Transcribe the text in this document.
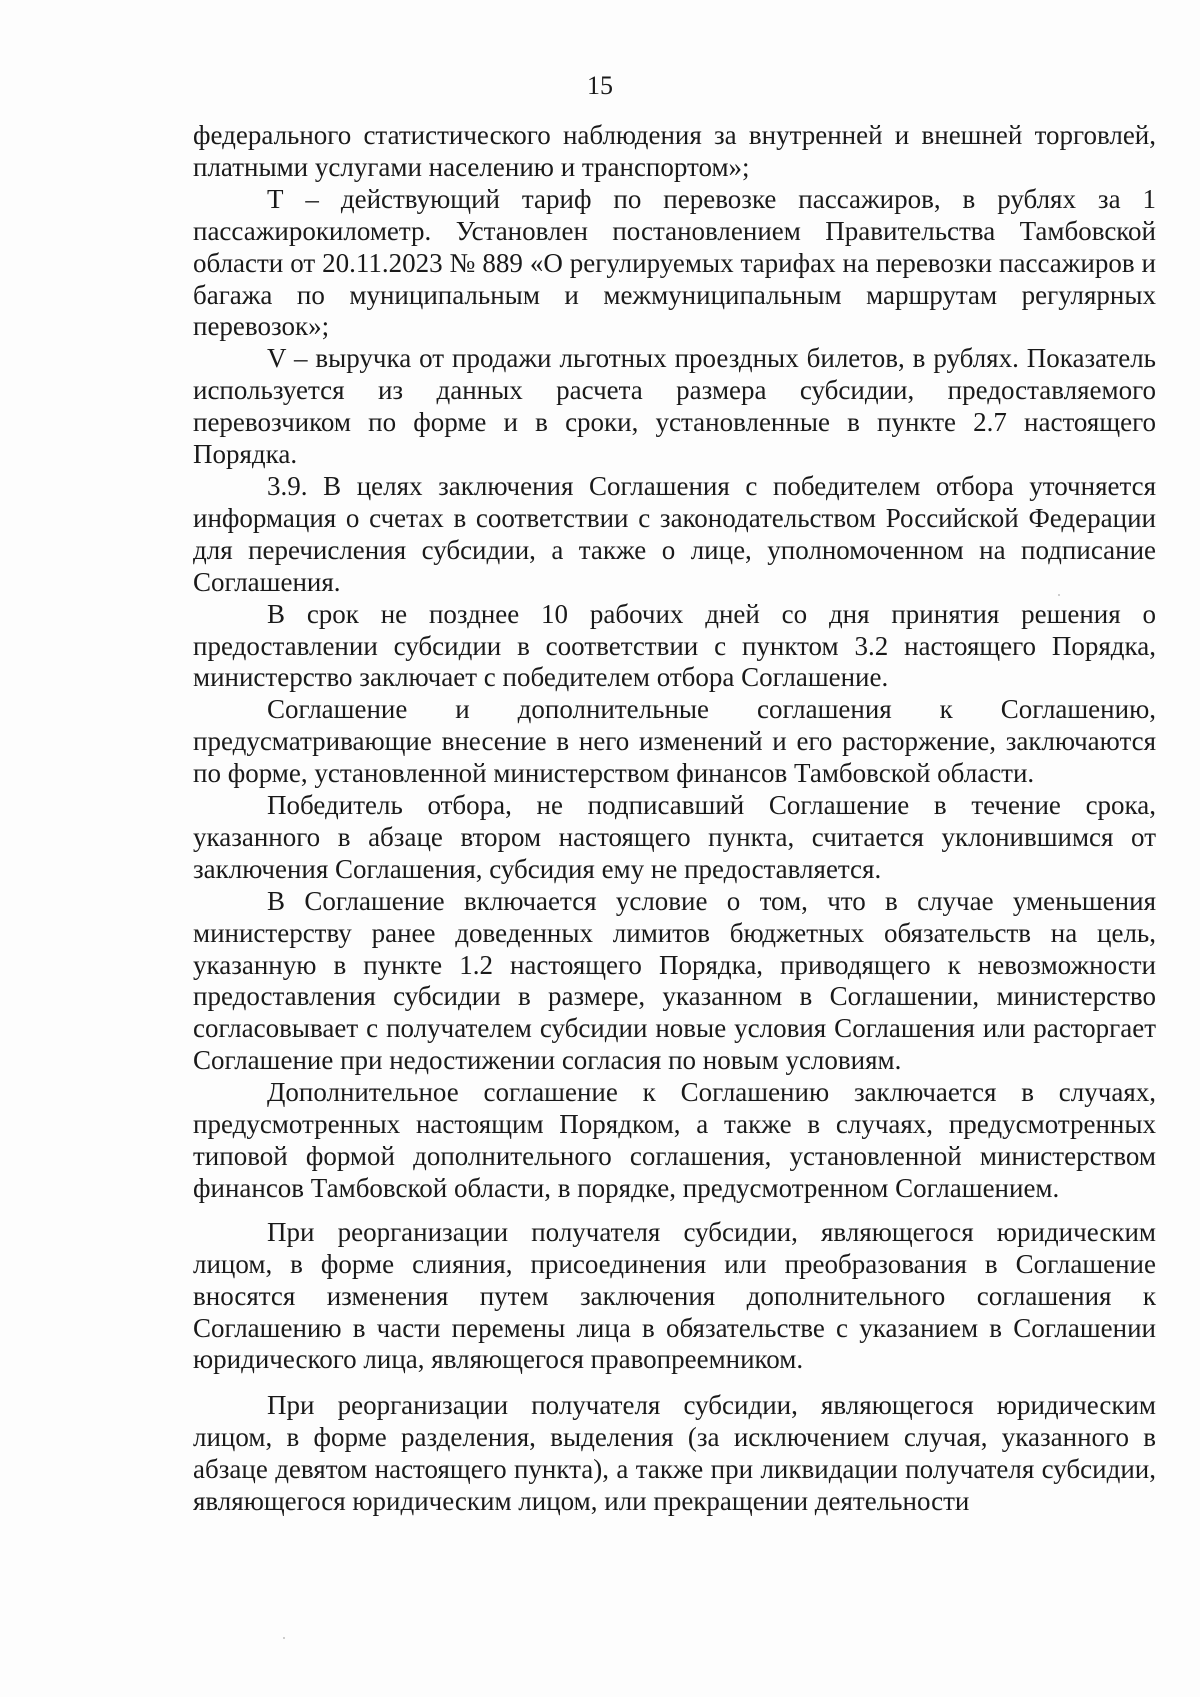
15

федерального статистического наблюдения за внутренней и внешней торговлей, платными услугами населению и транспортом»;

Т – действующий тариф по перевозке пассажиров, в рублях за 1 пассажирокилометр. Установлен постановлением Правительства Тамбовской области от 20.11.2023 № 889 «О регулируемых тарифах на перевозки пассажиров и багажа по муниципальным и межмуниципальным маршрутам регулярных перевозок»;

V – выручка от продажи льготных проездных билетов, в рублях. Показатель используется из данных расчета размера субсидии, предоставляемого перевозчиком по форме и в сроки, установленные в пункте 2.7 настоящего Порядка.

3.9. В целях заключения Соглашения с победителем отбора уточняется информация о счетах в соответствии с законодательством Российской Федерации для перечисления субсидии, а также о лице, уполномоченном на подписание Соглашения.

В срок не позднее 10 рабочих дней со дня принятия решения о предоставлении субсидии в соответствии с пунктом 3.2 настоящего Порядка, министерство заключает с победителем отбора Соглашение.

Соглашение и дополнительные соглашения к Соглашению, предусматривающие внесение в него изменений и его расторжение, заключаются по форме, установленной министерством финансов Тамбовской области.

Победитель отбора, не подписавший Соглашение в течение срока, указанного в абзаце втором настоящего пункта, считается уклонившимся от заключения Соглашения, субсидия ему не предоставляется.

В Соглашение включается условие о том, что в случае уменьшения министерству ранее доведенных лимитов бюджетных обязательств на цель, указанную в пункте 1.2 настоящего Порядка, приводящего к невозможности предоставления субсидии в размере, указанном в Соглашении, министерство согласовывает с получателем субсидии новые условия Соглашения или расторгает Соглашение при недостижении согласия по новым условиям.

Дополнительное соглашение к Соглашению заключается в случаях, предусмотренных настоящим Порядком, а также в случаях, предусмотренных типовой формой дополнительного соглашения, установленной министерством финансов Тамбовской области, в порядке, предусмотренном Соглашением.

При реорганизации получателя субсидии, являющегося юридическим лицом, в форме слияния, присоединения или преобразования в Соглашение вносятся изменения путем заключения дополнительного соглашения к Соглашению в части перемены лица в обязательстве с указанием в Соглашении юридического лица, являющегося правопреемником.

При реорганизации получателя субсидии, являющегося юридическим лицом, в форме разделения, выделения (за исключением случая, указанного в абзаце девятом настоящего пункта), а также при ликвидации получателя субсидии, являющегося юридическим лицом, или прекращении деятельности
